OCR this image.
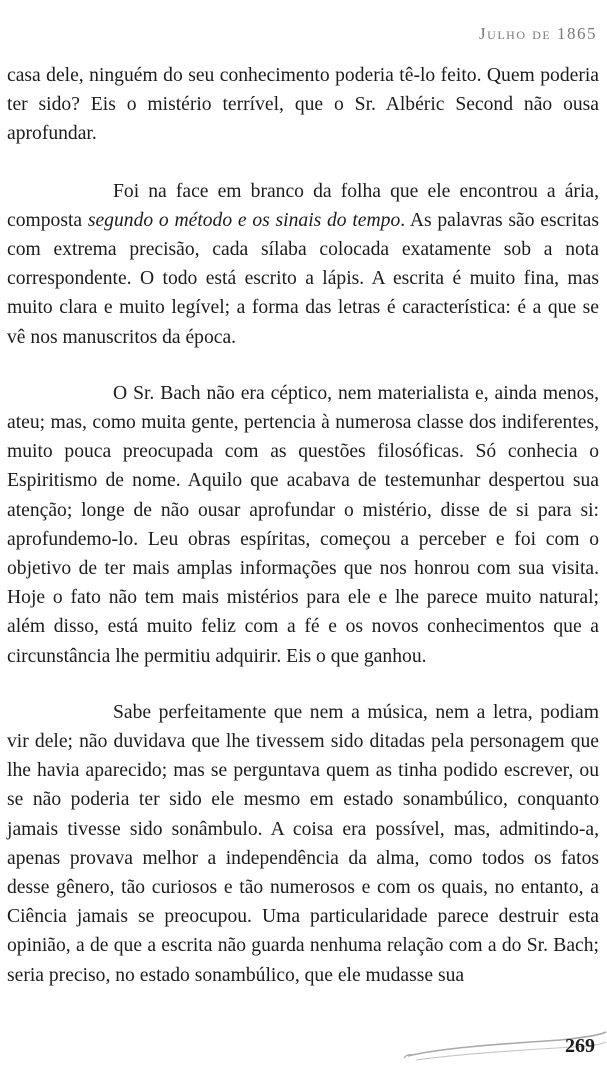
Julho de 1865

casa dele, ninguém do seu conhecimento poderia tê-lo feito. Quem poderia ter sido? Eis o mistério terrível, que o Sr. Albéric Second não ousa aprofundar.

Foi na face em branco da folha que ele encontrou a ária, composta segundo o método e os sinais do tempo. As palavras são escritas com extrema precisão, cada sílaba colocada exatamente sob a nota correspondente. O todo está escrito a lápis. A escrita é muito fina, mas muito clara e muito legível; a forma das letras é característica: é a que se vê nos manuscritos da época.

O Sr. Bach não era céptico, nem materialista e, ainda menos, ateu; mas, como muita gente, pertencia à numerosa classe dos indiferentes, muito pouca preocupada com as questões filosóficas. Só conhecia o Espiritismo de nome. Aquilo que acabava de testemunhar despertou sua atenção; longe de não ousar aprofundar o mistério, disse de si para si: aprofundemo-lo. Leu obras espíritas, começou a perceber e foi com o objetivo de ter mais amplas informações que nos honrou com sua visita. Hoje o fato não tem mais mistérios para ele e lhe parece muito natural; além disso, está muito feliz com a fé e os novos conhecimentos que a circunstância lhe permitiu adquirir. Eis o que ganhou.

Sabe perfeitamente que nem a música, nem a letra, podiam vir dele; não duvidava que lhe tivessem sido ditadas pela personagem que lhe havia aparecido; mas se perguntava quem as tinha podido escrever, ou se não poderia ter sido ele mesmo em estado sonambúlico, conquanto jamais tivesse sido sonâmbulo. A coisa era possível, mas, admitindo-a, apenas provava melhor a independência da alma, como todos os fatos desse gênero, tão curiosos e tão numerosos e com os quais, no entanto, a Ciência jamais se preocupou. Uma particularidade parece destruir esta opinião, a de que a escrita não guarda nenhuma relação com a do Sr. Bach; seria preciso, no estado sonambúlico, que ele mudasse sua

269
